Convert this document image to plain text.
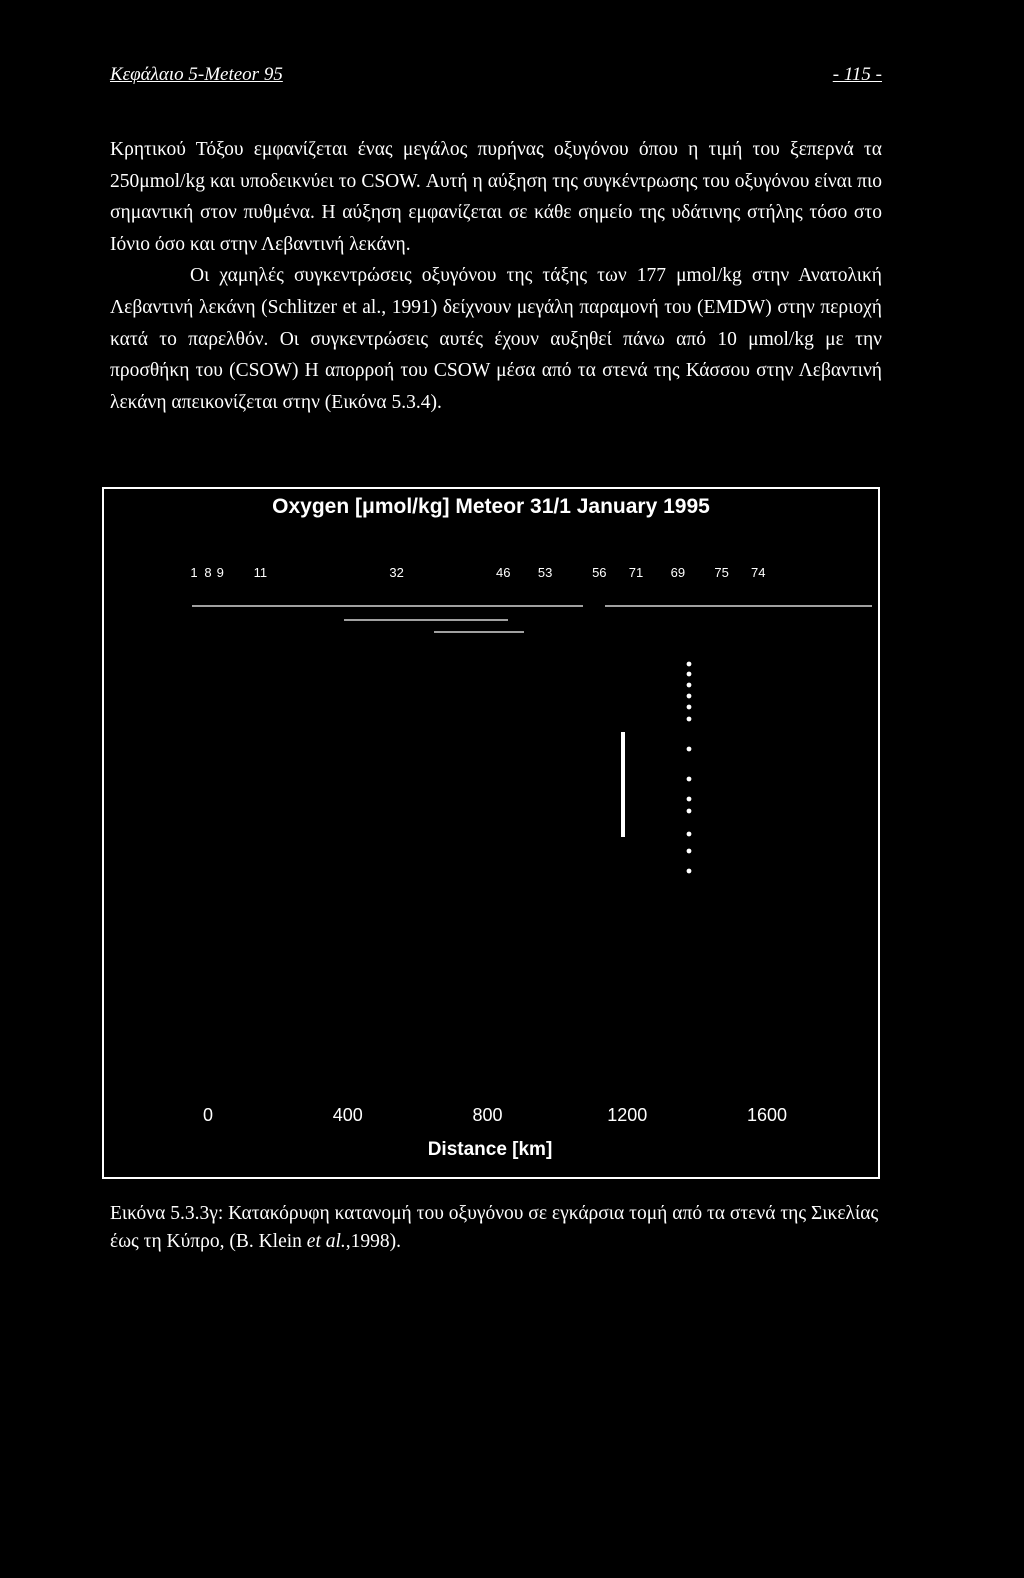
Κεφάλαιο 5-Meteor 95	- 115 -

Κρητικού Τόξου εμφανίζεται ένας μεγάλος πυρήνας οξυγόνου όπου η τιμή του ξεπερνά τα 250μmol/kg και υποδεικνύει το CSOW. Αυτή η αύξηση της συγκέντρωσης του οξυγόνου είναι πιο σημαντική στον πυθμένα. Η αύξηση εμφανίζεται σε κάθε σημείο της υδάτινης στήλης τόσο στο Ιόνιο όσο και στην Λεβαντινή λεκάνη.

Οι χαμηλές συγκεντρώσεις οξυγόνου της τάξης των 177 μmol/kg στην Ανατολική Λεβαντινή λεκάνη (Schlitzer et al., 1991) δείχνουν μεγάλη παραμονή του (EMDW) στην περιοχή κατά το παρελθόν. Οι συγκεντρώσεις αυτές έχουν αυξηθεί πάνω από 10 μmol/kg με την προσθήκη του (CSOW) Η απορροή του CSOW μέσα από τα στενά της Κάσσου στην Λεβαντινή λεκάνη απεικονίζεται στην (Εικόνα 5.3.4).

1 8 9 11	32	46 53	56 71 69 75 74
0	400	800	1200	1600
Distance [km]
Oxygen [μmol/kg] Meteor 31/1 January 1995

Εικόνα 5.3.3γ: Κατακόρυφη κατανομή του οξυγόνου σε εγκάρσια τομή από τα στενά της Σικελίας έως τη Κύπρο, (B. Klein et al.,1998).
